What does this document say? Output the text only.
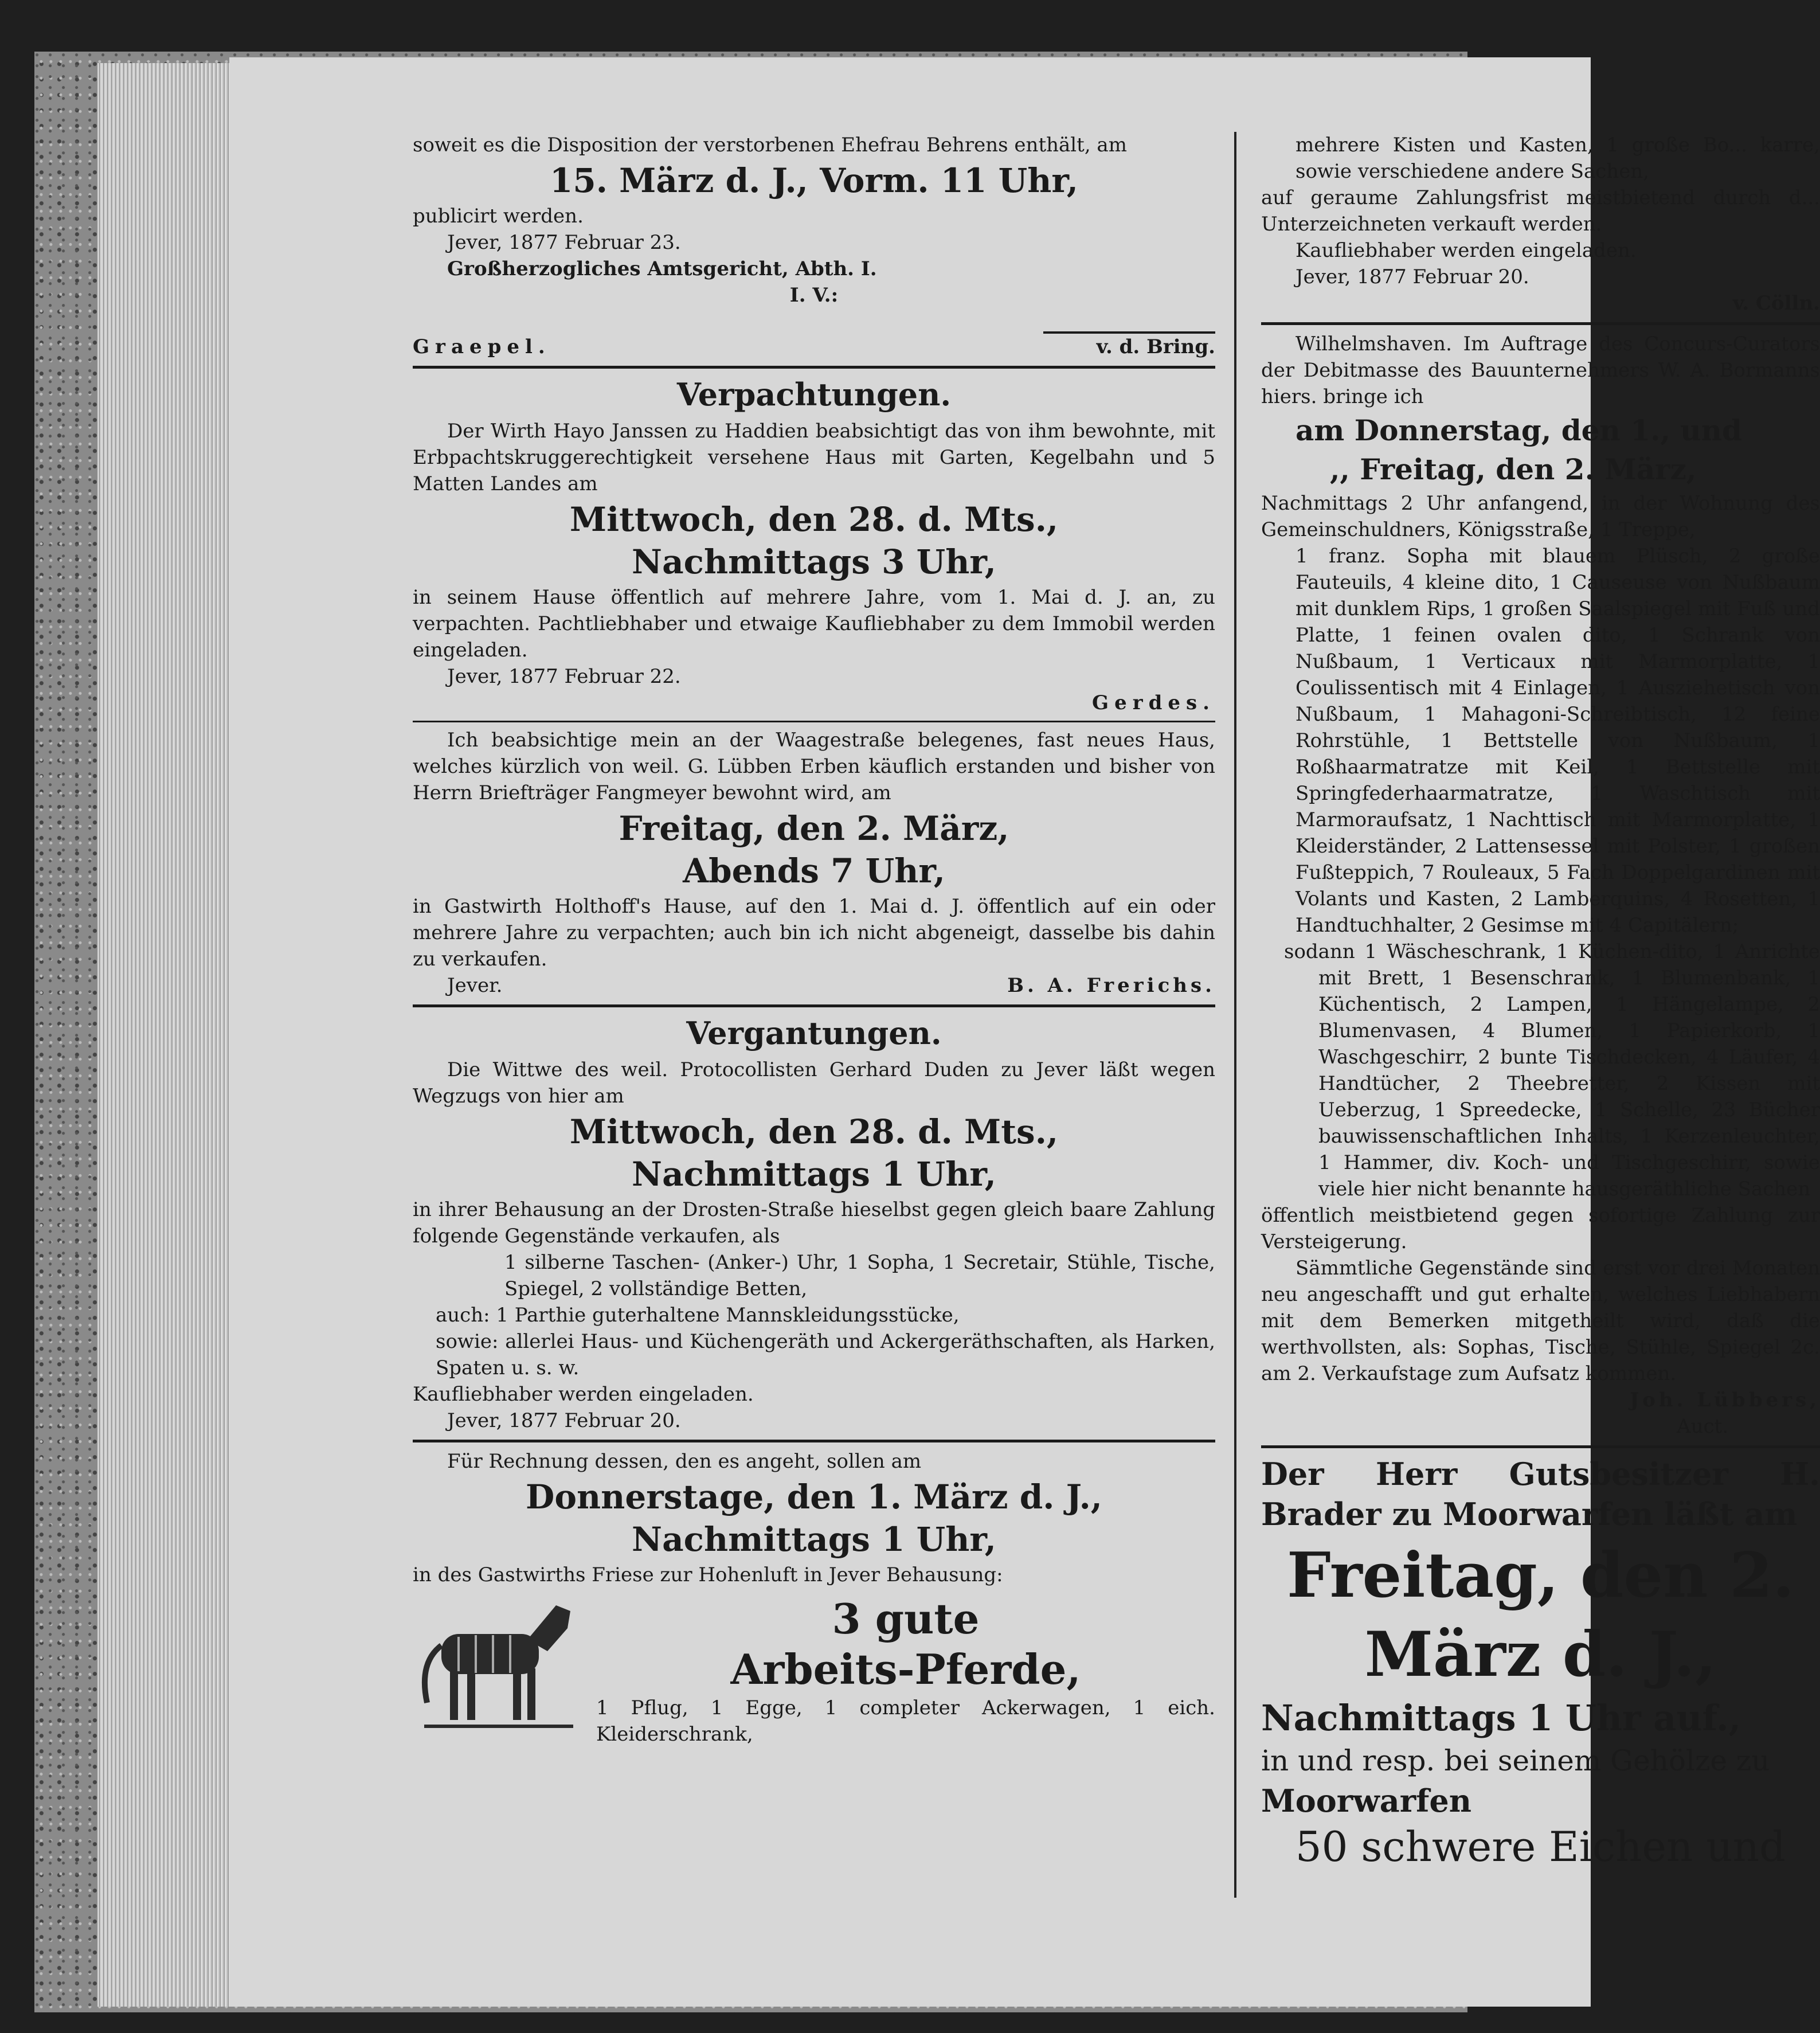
soweit es die Disposition der verstorbenen Ehefrau Behrens enthält, am

15. März d. J., Vorm. 11 Uhr,

publicirt werden.

Jever, 1877 Februar 23.

Großherzogliches Amtsgericht, Abth. I.

I. V.:

Graepel.	v. d. Bring.
Verpachtungen.

Der Wirth Hayo Janssen zu Haddien beabsichtigt das von ihm bewohnte, mit Erbpachtskruggerechtigkeit versehene Haus mit Garten, Kegelbahn und 5 Matten Landes am

Mittwoch, den 28. d. Mts.,
Nachmittags 3 Uhr,

in seinem Hause öffentlich auf mehrere Jahre, vom 1. Mai d. J. an, zu verpachten. Pachtliebhaber und etwaige Kaufliebhaber zu dem Immobil werden eingeladen.

Jever, 1877 Februar 22.

Gerdes.

Ich beabsichtige mein an der Waagestraße belegenes, fast neues Haus, welches kürzlich von weil. G. Lübben Erben käuflich erstanden und bisher von Herrn Briefträger Fangmeyer bewohnt wird, am

Freitag, den 2. März,
Abends 7 Uhr,

in Gastwirth Holthoff's Hause, auf den 1. Mai d. J. öffentlich auf ein oder mehrere Jahre zu verpachten; auch bin ich nicht abgeneigt, dasselbe bis dahin zu verkaufen.

Jever.	B. A. Frerichs.
Vergantungen.

Die Wittwe des weil. Protocollisten Gerhard Duden zu Jever läßt wegen Wegzugs von hier am

Mittwoch, den 28. d. Mts.,
Nachmittags 1 Uhr,

in ihrer Behausung an der Drosten-Straße hieselbst gegen gleich baare Zahlung folgende Gegenstände verkaufen, als

1 silberne Taschen- (Anker-) Uhr, 1 Sopha, 1 Secretair, Stühle, Tische, Spiegel, 2 vollständige Betten,

auch: 1 Parthie guterhaltene Mannskleidungsstücke,

sowie: allerlei Haus- und Küchengeräth und Ackergeräthschaften, als Harken, Spaten u. s. w.

Kaufliebhaber werden eingeladen.

Jever, 1877 Februar 20.

Für Rechnung dessen, den es angeht, sollen am

Donnerstage, den 1. März d. J.,
Nachmittags 1 Uhr,

in des Gastwirths Friese zur Hohenluft in Jever Behausung:

3 gute
Arbeits-Pferde,

1 Pflug, 1 Egge, 1 completer Ackerwagen, 1 eich. Kleiderschrank,

mehrere Kisten und Kasten, 1 große Bo... karre, sowie verschiedene andere Sachen,

auf geraume Zahlungsfrist meistbietend durch d... Unterzeichneten verkauft werden.

Kaufliebhaber werden eingeladen.

Jever, 1877 Februar 20.

v. Cölln.

Wilhelmshaven. Im Auftrage des Concurs-Curators der Debitmasse des Bauunternehmers W. A. Bormanns hiers. bringe ich

am Donnerstag, den 1., und
,, Freitag, den 2. März,

Nachmittags 2 Uhr anfangend, in der Wohnung des Gemeinschuldners, Königsstraße, 1 Treppe,

1 franz. Sopha mit blauem Plüsch, 2 große Fauteuils, 4 kleine dito, 1 Causeuse von Nußbaum mit dunklem Rips, 1 großen Saalspiegel mit Fuß und Platte, 1 feinen ovalen dito, 1 Schrank von Nußbaum, 1 Verticaux mit Marmorplatte, 1 Coulissentisch mit 4 Einlagen, 1 Ausziehetisch von Nußbaum, 1 Mahagoni-Schreibtisch, 12 feine Rohrstühle, 1 Bettstelle von Nußbaum, 1 Roßhaarmatratze mit Keil, 1 Bettstelle mit Springfederhaarmatratze, 1 Waschtisch mit Marmoraufsatz, 1 Nachttisch mit Marmorplatte, 1 Kleiderständer, 2 Lattensessel mit Polster, 1 großen Fußteppich, 7 Rouleaux, 5 Fach Doppelgardinen mit Volants und Kasten, 2 Lamberquins, 4 Rosetten, 1 Handtuchhalter, 2 Gesimse mit 4 Capitälern;

sodann 1 Wäscheschrank, 1 Küchen-dito, 1 Anrichte mit Brett, 1 Besenschrank, 1 Blumenbank, 1 Küchentisch, 2 Lampen, 1 Hängelampe, 2 Blumenvasen, 4 Blumen, 1 Papierkorb, 1 Waschgeschirr, 2 bunte Tischdecken, 4 Läufer, 4 Handtücher, 2 Theebretter, 2 Kissen mit Ueberzug, 1 Spreedecke, 1 Schelle, 23 Bücher bauwissenschaftlichen Inhalts, 1 Kerzenleuchter, 1 Hammer, div. Koch- und Tischgeschirr, sowie viele hier nicht benannte hausgeräthliche Sachen

öffentlich meistbietend gegen sofortige Zahlung zur Versteigerung.

Sämmtliche Gegenstände sind erst vor drei Monaten neu angeschafft und gut erhalten, welches Liebhabern mit dem Bemerken mitgetheilt wird, daß die werthvollsten, als: Sophas, Tische, Stühle, Spiegel 2c. am 2. Verkaufstage zum Aufsatz kommen.

Joh. Lübbers,

Auct.

Der Herr Gutsbesitzer H. Brader zu Moorwarfen läßt am
Freitag, den 2.
März d. J.,
Nachmittags 1 Uhr auf.,
in und resp. bei seinem Gehölze zu
Moorwarfen
50 schwere Eichen und
